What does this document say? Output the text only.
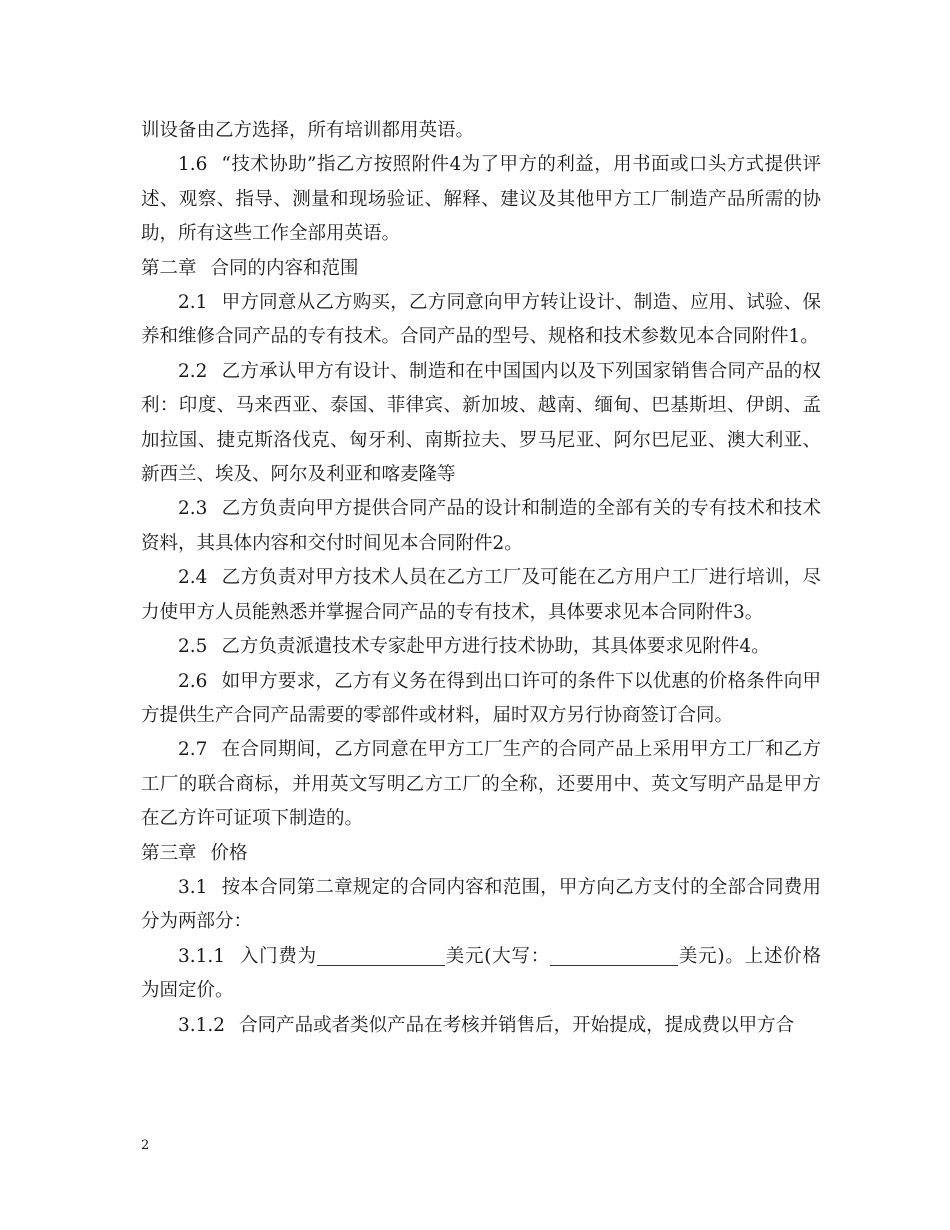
训设备由乙方选择，所有培训都用英语。

1.6 “技术协助”指乙方按照附件4为了甲方的利益，用书面或口头方式提供评述、观察、指导、测量和现场验证、解释、建议及其他甲方工厂制造产品所需的协助，所有这些工作全部用英语。

第二章 合同的内容和范围

2.1 甲方同意从乙方购买，乙方同意向甲方转让设计、制造、应用、试验、保养和维修合同产品的专有技术。合同产品的型号、规格和技术参数见本合同附件1。

2.2 乙方承认甲方有设计、制造和在中国国内以及下列国家销售合同产品的权利：印度、马来西亚、泰国、菲律宾、新加坡、越南、缅甸、巴基斯坦、伊朗、孟加拉国、捷克斯洛伐克、匈牙利、南斯拉夫、罗马尼亚、阿尔巴尼亚、澳大利亚、新西兰、埃及、阿尔及利亚和喀麦隆等

2.3 乙方负责向甲方提供合同产品的设计和制造的全部有关的专有技术和技术资料，其具体内容和交付时间见本合同附件2。

2.4 乙方负责对甲方技术人员在乙方工厂及可能在乙方用户工厂进行培训，尽力使甲方人员能熟悉并掌握合同产品的专有技术，具体要求见本合同附件3。

2.5 乙方负责派遣技术专家赴甲方进行技术协助，其具体要求见附件4。

2.6 如甲方要求，乙方有义务在得到出口许可的条件下以优惠的价格条件向甲方提供生产合同产品需要的零部件或材料，届时双方另行协商签订合同。

2.7 在合同期间，乙方同意在甲方工厂生产的合同产品上采用甲方工厂和乙方工厂的联合商标，并用英文写明乙方工厂的全称，还要用中、英文写明产品是甲方在乙方许可证项下制造的。

第三章 价格

3.1 按本合同第二章规定的合同内容和范围，甲方向乙方支付的全部合同费用分为两部分：

3.1.1 入门费为	美元(大写：	美元)。上述价格为固定价。

3.1.2 合同产品或者类似产品在考核并销售后，开始提成，提成费以甲方合

2
